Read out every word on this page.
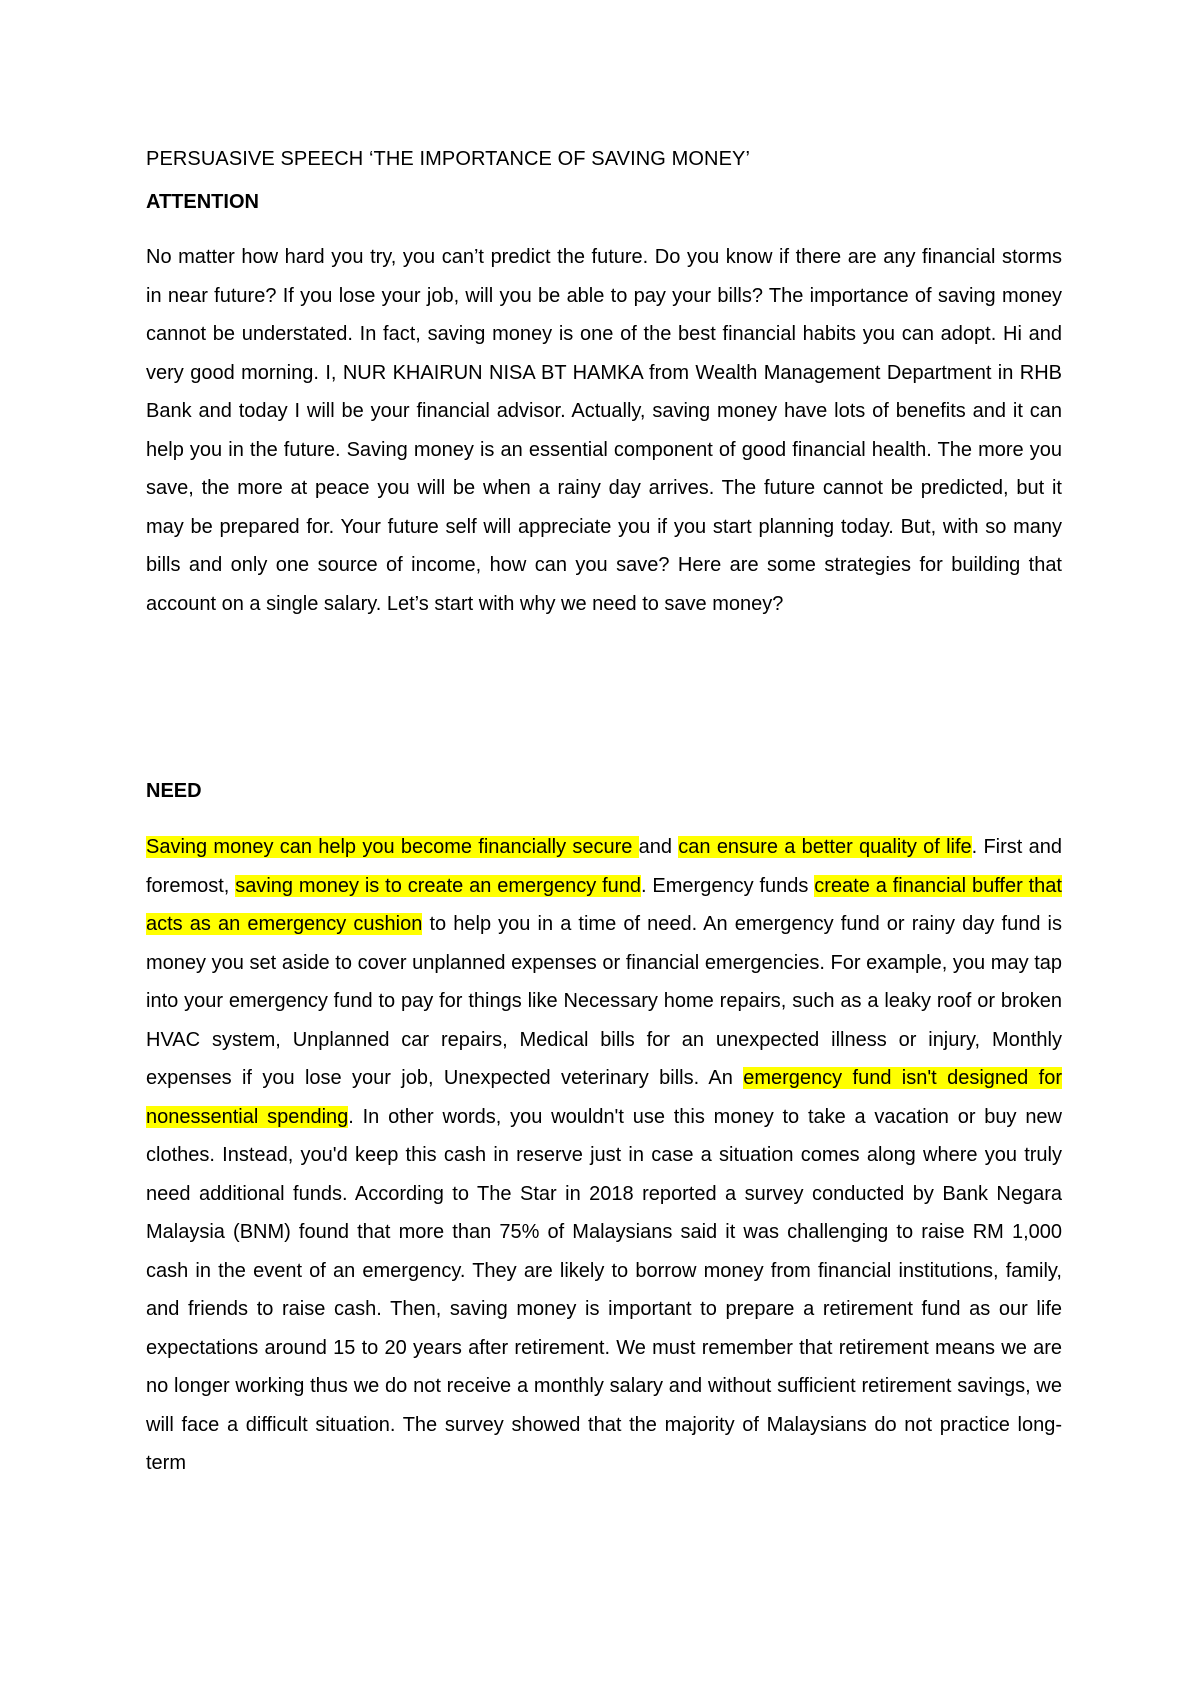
PERSUASIVE SPEECH ‘THE IMPORTANCE OF SAVING MONEY’
ATTENTION
No matter how hard you try, you can’t predict the future. Do you know if there are any financial storms in near future? If you lose your job, will you be able to pay your bills? The importance of saving money cannot be understated. In fact, saving money is one of the best financial habits you can adopt. Hi and very good morning. I, NUR KHAIRUN NISA BT HAMKA from Wealth Management Department in RHB Bank and today I will be your financial advisor. Actually, saving money have lots of benefits and it can help you in the future. Saving money is an essential component of good financial health. The more you save, the more at peace you will be when a rainy day arrives. The future cannot be predicted, but it may be prepared for. Your future self will appreciate you if you start planning today. But, with so many bills and only one source of income, how can you save? Here are some strategies for building that account on a single salary. Let’s start with why we need to save money?
NEED
Saving money can help you become financially secure and can ensure a better quality of life. First and foremost, saving money is to create an emergency fund. Emergency funds create a financial buffer that acts as an emergency cushion to help you in a time of need. An emergency fund or rainy day fund is money you set aside to cover unplanned expenses or financial emergencies. For example, you may tap into your emergency fund to pay for things like Necessary home repairs, such as a leaky roof or broken HVAC system, Unplanned car repairs, Medical bills for an unexpected illness or injury, Monthly expenses if you lose your job, Unexpected veterinary bills. An emergency fund isn't designed for nonessential spending. In other words, you wouldn't use this money to take a vacation or buy new clothes. Instead, you'd keep this cash in reserve just in case a situation comes along where you truly need additional funds. According to The Star in 2018 reported a survey conducted by Bank Negara Malaysia (BNM) found that more than 75% of Malaysians said it was challenging to raise RM 1,000 cash in the event of an emergency. They are likely to borrow money from financial institutions, family, and friends to raise cash. Then, saving money is important to prepare a retirement fund as our life expectations around 15 to 20 years after retirement. We must remember that retirement means we are no longer working thus we do not receive a monthly salary and without sufficient retirement savings, we will face a difficult situation. The survey showed that the majority of Malaysians do not practice long-term
